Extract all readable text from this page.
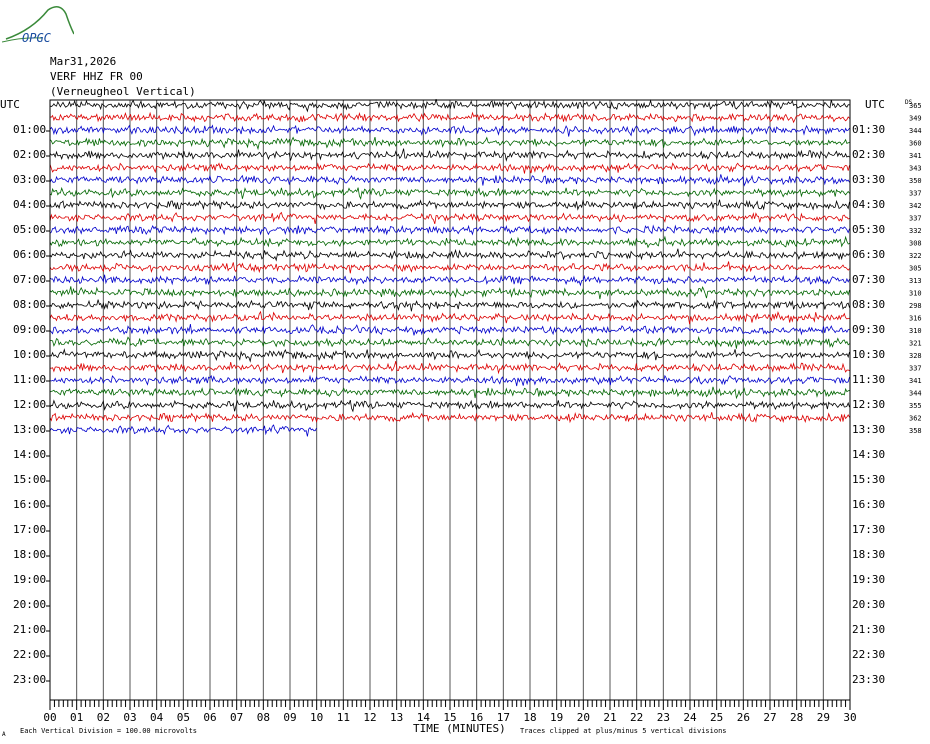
OPGC
Mar31,2026
VERF HHZ FR 00
(Verneugheol Vertical)
00 01 02 03 04 05 06 07 08 09 10 11 12 13 14 15 16 17 18 19 20 21 22 23 24 25 26 27 28 29 30
UTC
01:00
02:00
03:00
04:00
05:00
06:00
07:00
08:00
09:00
10:00
11:00
12:00
13:00
14:00
15:00
16:00
17:00
18:00
19:00
20:00
21:00
22:00
23:00
UTC
01:30
02:30
03:30
04:30
05:30
06:30
07:30
08:30
09:30
10:30
11:30
12:30
13:30
14:30
15:30
16:30
17:30
18:30
19:30
20:30
21:30
22:30
23:30
DS
365
349
344
360
341
343
350
337
342
337
332
308
322
305
313
310
298
316
310
321
328
337
341
344
355
362
358
TIME (MINUTES)
Each Vertical Division = 100.00 microvolts	Traces clipped at plus/minus 5 vertical divisions
A
